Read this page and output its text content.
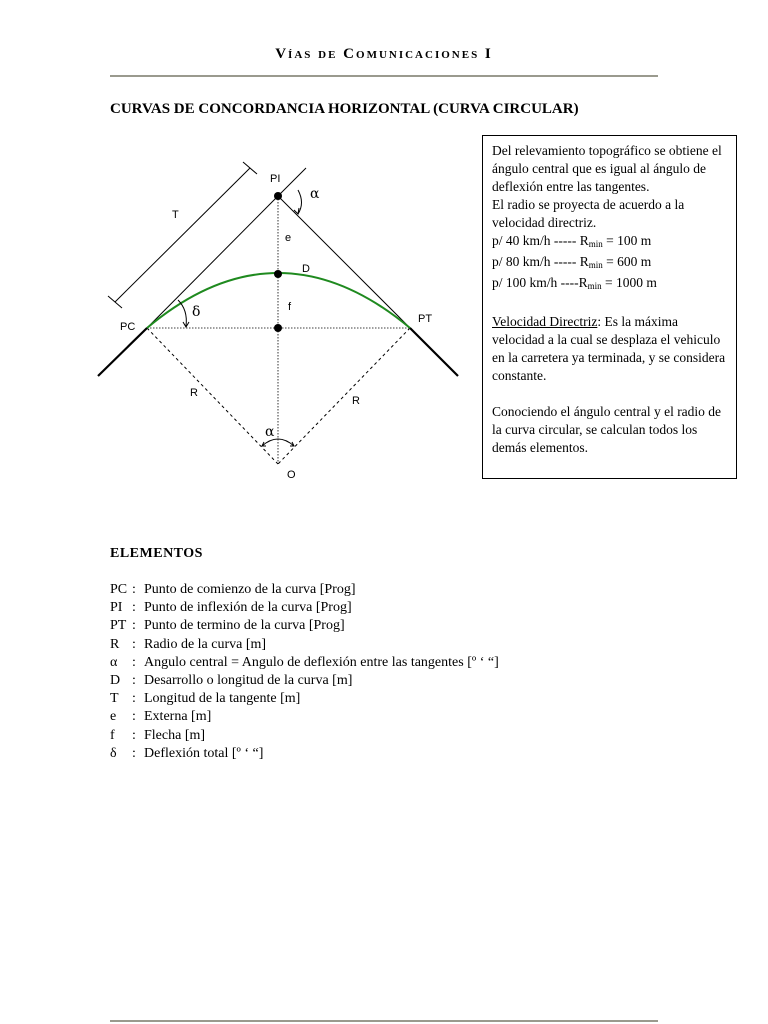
Vías de Comunicaciones I
CURVAS DE CONCORDANCIA HORIZONTAL (CURVA CIRCULAR)
PI
α
T
e
D
δ	f
PC
PT
R
R
α
O

Del relevamiento topográfico se obtiene el ángulo central que es igual al ángulo de deflexión entre las tangentes.

El radio se proyecta de acuerdo a la velocidad directriz.

p/ 40 km/h ----- $R_{min} = 100$ m

p/ 80 km/h ----- $R_{min} = 600$ m

p/ 100 km/h $----R_{min} = 1000$ m

Velocidad Directriz: Es la máxima velocidad a la cual se desplaza el vehiculo en la carretera ya terminada, y se considera constante.

Conociendo el ángulo central y el radio de la curva circular, se calculan todos los demás elementos.

ELEMENTOS
PC : Punto de comienzo de la curva [Prog]
PI : Punto de inflexión de la curva [Prog]
PT : Punto de termino de la curva [Prog]
R : Radio de la curva [m]
α	: Angulo central = Angulo de deflexión entre las tangentes [º ‘ “]
D : Desarrollo o longitud de la curva [m]
T : Longitud de la tangente [m]
e	: Externa [m]
f	: Flecha [m]
δ	: Deflexión total [º ‘ “]
